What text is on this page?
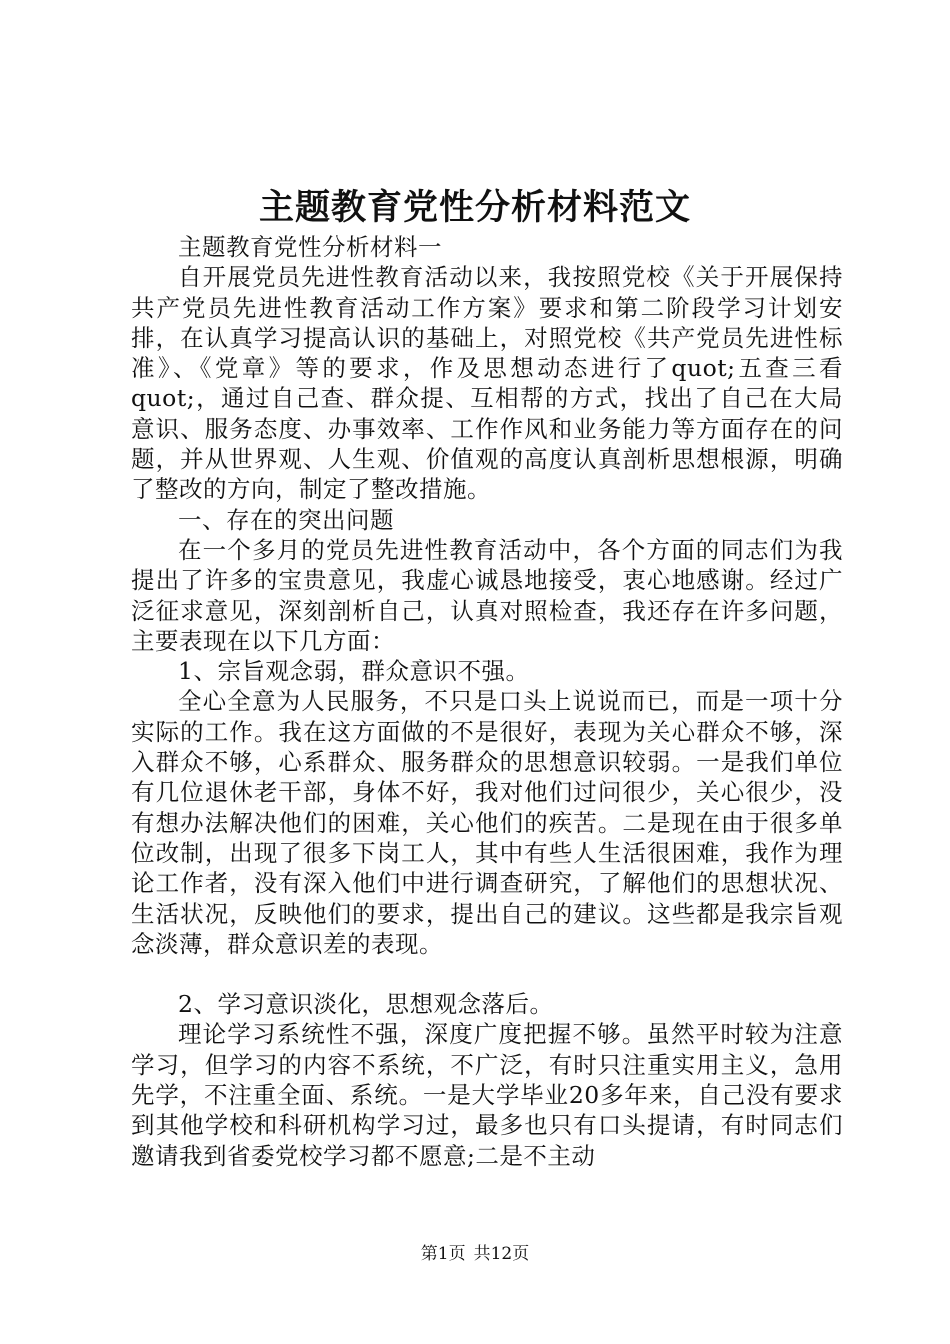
主题教育党性分析材料范文

主题教育党性分析材料一

自开展党员先进性教育活动以来，我按照党校《关于开展保持共产党员先进性教育活动工作方案》要求和第二阶段学习计划安排，在认真学习提高认识的基础上，对照党校《共产党员先进性标准》、《党章》等的要求，作及思想动态进行了quot;五查三看quot;，通过自己查、群众提、互相帮的方式，找出了自己在大局意识、服务态度、办事效率、工作作风和业务能力等方面存在的问题，并从世界观、人生观、价值观的高度认真剖析思想根源，明确了整改的方向，制定了整改措施。

一、存在的突出问题

在一个多月的党员先进性教育活动中，各个方面的同志们为我提出了许多的宝贵意见，我虚心诚恳地接受，衷心地感谢。经过广泛征求意见，深刻剖析自己，认真对照检查，我还存在许多问题，主要表现在以下几方面：

1、宗旨观念弱，群众意识不强。

全心全意为人民服务，不只是口头上说说而已，而是一项十分实际的工作。我在这方面做的不是很好，表现为关心群众不够，深入群众不够，心系群众、服务群众的思想意识较弱。一是我们单位有几位退休老干部，身体不好，我对他们过问很少，关心很少，没有想办法解决他们的困难，关心他们的疾苦。二是现在由于很多单位改制，出现了很多下岗工人，其中有些人生活很困难，我作为理论工作者，没有深入他们中进行调查研究，了解他们的思想状况、生活状况，反映他们的要求，提出自己的建议。这些都是我宗旨观念淡薄，群众意识差的表现。

2、学习意识淡化，思想观念落后。

理论学习系统性不强，深度广度把握不够。虽然平时较为注意学习，但学习的内容不系统，不广泛，有时只注重实用主义，急用先学，不注重全面、系统。一是大学毕业20多年来，自己没有要求到其他学校和科研机构学习过，最多也只有口头提请，有时同志们邀请我到省委党校学习都不愿意;二是不主动

第1页 共12页
